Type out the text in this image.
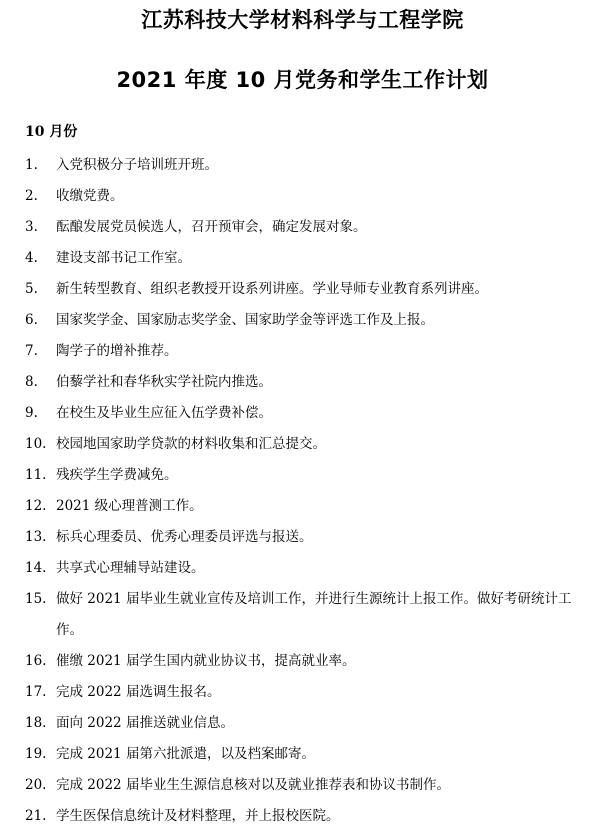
江苏科技大学材料科学与工程学院
2021 年度 10 月党务和学生工作计划
10 月份
1.	入党积极分子培训班开班。
2.	收缴党费。
3.	酝酿发展党员候选人，召开预审会，确定发展对象。
4.	建设支部书记工作室。
5.	新生转型教育、组织老教授开设系列讲座。学业导师专业教育系列讲座。
6.	国家奖学金、国家励志奖学金、国家助学金等评选工作及上报。
7.	陶学子的增补推荐。
8.	伯藜学社和春华秋实学社院内推选。
9.	在校生及毕业生应征入伍学费补偿。
10. 校园地国家助学贷款的材料收集和汇总提交。
11. 残疾学生学费减免。
12. 2021 级心理普测工作。
13. 标兵心理委员、优秀心理委员评选与报送。
14. 共享式心理辅导站建设。
15. 做好 2021 届毕业生就业宣传及培训工作，并进行生源统计上报工作。做好考研统计工作。
16. 催缴 2021 届学生国内就业协议书，提高就业率。
17. 完成 2022 届选调生报名。
18. 面向 2022 届推送就业信息。
19. 完成 2021 届第六批派遣，以及档案邮寄。
20. 完成 2022 届毕业生生源信息核对以及就业推荐表和协议书制作。
21. 学生医保信息统计及材料整理，并上报校医院。
